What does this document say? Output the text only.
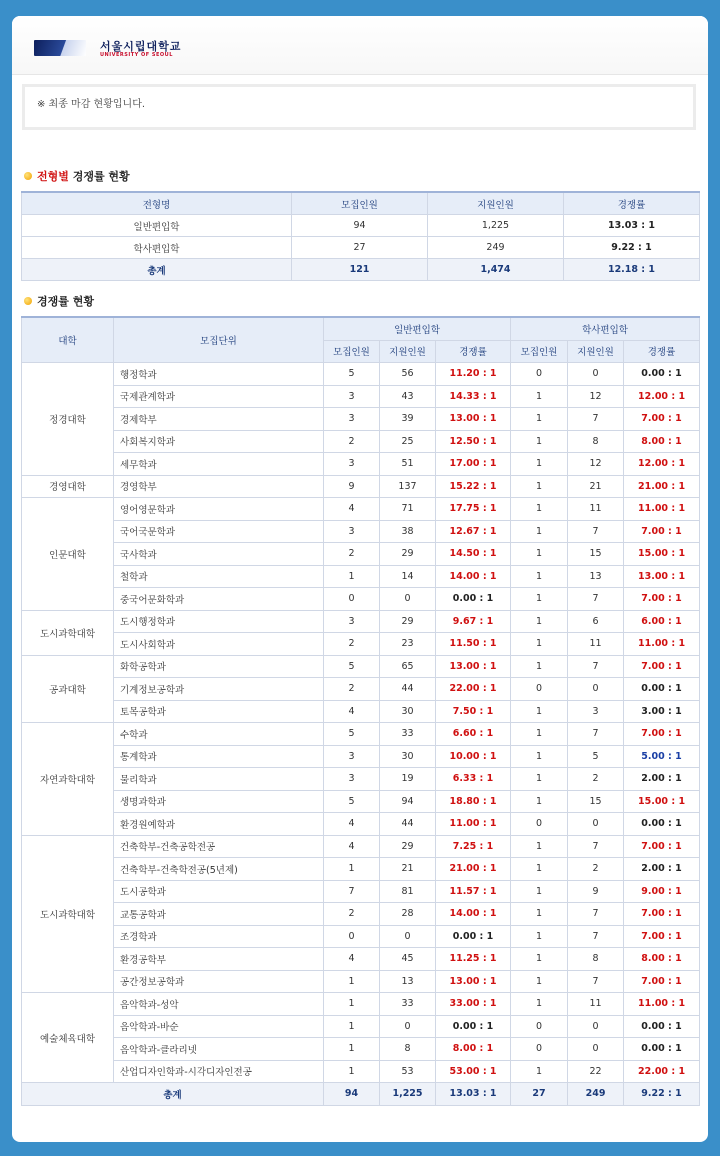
서울시립대학교
UNIVERSITY OF SEOUL
※ 최종 마감 현황입니다.
전형별 경쟁률 현황
전형명	모집인원	지원인원	경쟁률
일반편입학	94	1,225	13.03 : 1
학사편입학	27	249	9.22 : 1
총계	121	1,474	12.18 : 1
경쟁률 현황
대학	모집단위	일반편입학			학사편입학		
		모집인원	지원인원	경쟁률	모집인원	지원인원	경쟁률
정경대학	행정학과	5	56	11.20 : 1	0	0	0.00 : 1
	국제관계학과	3	43	14.33 : 1	1	12	12.00 : 1
	경제학부	3	39	13.00 : 1	1	7	7.00 : 1
	사회복지학과	2	25	12.50 : 1	1	8	8.00 : 1
	세무학과	3	51	17.00 : 1	1	12	12.00 : 1
경영대학	경영학부	9	137	15.22 : 1	1	21	21.00 : 1
인문대학	영어영문학과	4	71	17.75 : 1	1	11	11.00 : 1
	국어국문학과	3	38	12.67 : 1	1	7	7.00 : 1
	국사학과	2	29	14.50 : 1	1	15	15.00 : 1
	철학과	1	14	14.00 : 1	1	13	13.00 : 1
	중국어문화학과	0	0	0.00 : 1	1	7	7.00 : 1
도시과학대학	도시행정학과	3	29	9.67 : 1	1	6	6.00 : 1
	도시사회학과	2	23	11.50 : 1	1	11	11.00 : 1
공과대학	화학공학과	5	65	13.00 : 1	1	7	7.00 : 1
	기계정보공학과	2	44	22.00 : 1	0	0	0.00 : 1
	토목공학과	4	30	7.50 : 1	1	3	3.00 : 1
자연과학대학	수학과	5	33	6.60 : 1	1	7	7.00 : 1
	통계학과	3	30	10.00 : 1	1	5	5.00 : 1
	물리학과	3	19	6.33 : 1	1	2	2.00 : 1
	생명과학과	5	94	18.80 : 1	1	15	15.00 : 1
	환경원예학과	4	44	11.00 : 1	0	0	0.00 : 1
도시과학대학	건축학부-건축공학전공	4	29	7.25 : 1	1	7	7.00 : 1
	건축학부-건축학전공(5년제)	1	21	21.00 : 1	1	2	2.00 : 1
	도시공학과	7	81	11.57 : 1	1	9	9.00 : 1
	교통공학과	2	28	14.00 : 1	1	7	7.00 : 1
	조경학과	0	0	0.00 : 1	1	7	7.00 : 1
	환경공학부	4	45	11.25 : 1	1	8	8.00 : 1
	공간정보공학과	1	13	13.00 : 1	1	7	7.00 : 1
예술체육대학	음악학과-성악	1	33	33.00 : 1	1	11	11.00 : 1
	음악학과-바순	1	0	0.00 : 1	0	0	0.00 : 1
	음악학과-클라리넷	1	8	8.00 : 1	0	0	0.00 : 1
	산업디자인학과-시각디자인전공	1	53	53.00 : 1	1	22	22.00 : 1
총계		94	1,225	13.03 : 1	27	249	9.22 : 1
